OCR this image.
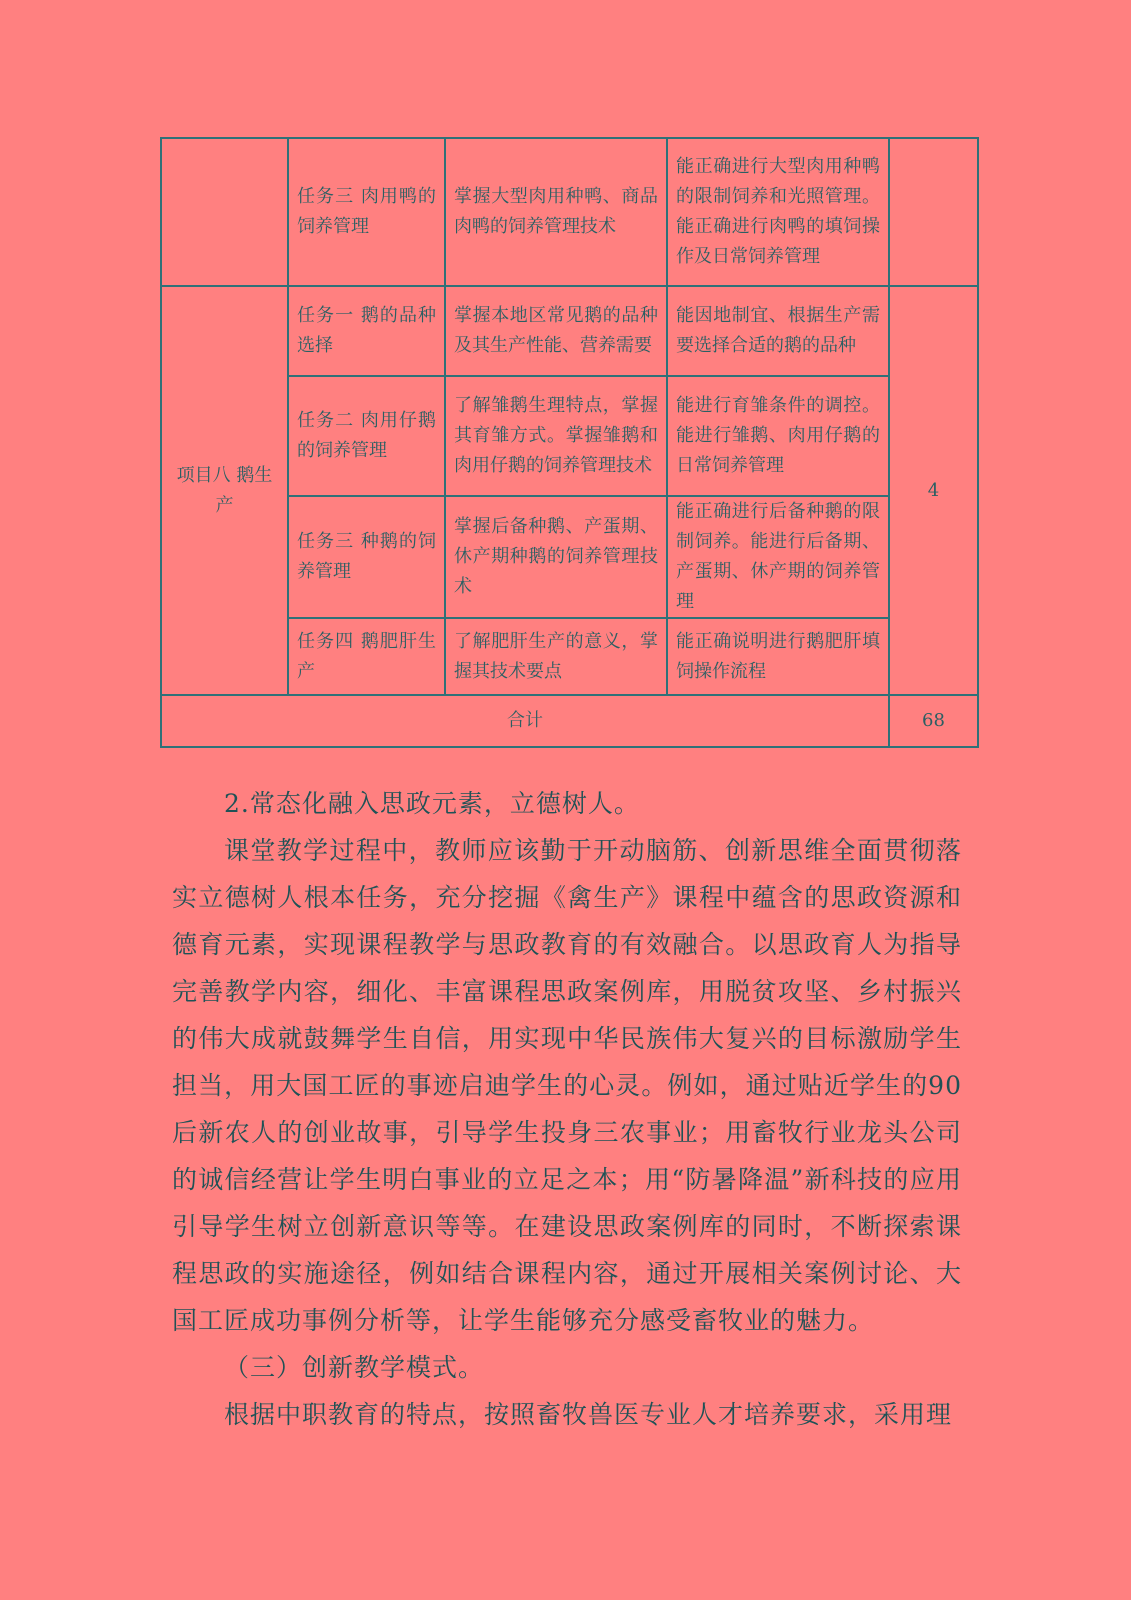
	任务三 肉用鸭的饲养管理	掌握大型肉用种鸭、商品肉鸭的饲养管理技术	能正确进行大型肉用种鸭的限制饲养和光照管理。能正确进行肉鸭的填饲操作及日常饲养管理	
项目八 鹅生产	任务一 鹅的品种选择	掌握本地区常见鹅的品种及其生产性能、营养需要	能因地制宜、根据生产需要选择合适的鹅的品种	4
	任务二 肉用仔鹅的饲养管理	了解雏鹅生理特点，掌握其育雏方式。掌握雏鹅和肉用仔鹅的饲养管理技术	能进行育雏条件的调控。能进行雏鹅、肉用仔鹅的日常饲养管理	
	任务三 种鹅的饲养管理	掌握后备种鹅、产蛋期、休产期种鹅的饲养管理技术	能正确进行后备种鹅的限制饲养。能进行后备期、产蛋期、休产期的饲养管理	
	任务四 鹅肥肝生产	了解肥肝生产的意义，掌握其技术要点	能正确说明进行鹅肥肝填饲操作流程	
合计				68

2.常态化融入思政元素，立德树人。

课堂教学过程中，教师应该勤于开动脑筋、创新思维全面贯彻落实立德树人根本任务，充分挖掘《禽生产》课程中蕴含的思政资源和德育元素，实现课程教学与思政教育的有效融合。以思政育人为指导完善教学内容，细化、丰富课程思政案例库，用脱贫攻坚、乡村振兴的伟大成就鼓舞学生自信，用实现中华民族伟大复兴的目标激励学生担当，用大国工匠的事迹启迪学生的心灵。例如，通过贴近学生的90 后新农人的创业故事，引导学生投身三农事业；用畜牧行业龙头公司的诚信经营让学生明白事业的立足之本；用“防暑降温”新科技的应用引导学生树立创新意识等等。在建设思政案例库的同时，不断探索课程思政的实施途径，例如结合课程内容，通过开展相关案例讨论、大国工匠成功事例分析等，让学生能够充分感受畜牧业的魅力。

（三）创新教学模式。

根据中职教育的特点，按照畜牧兽医专业人才培养要求，采用理
